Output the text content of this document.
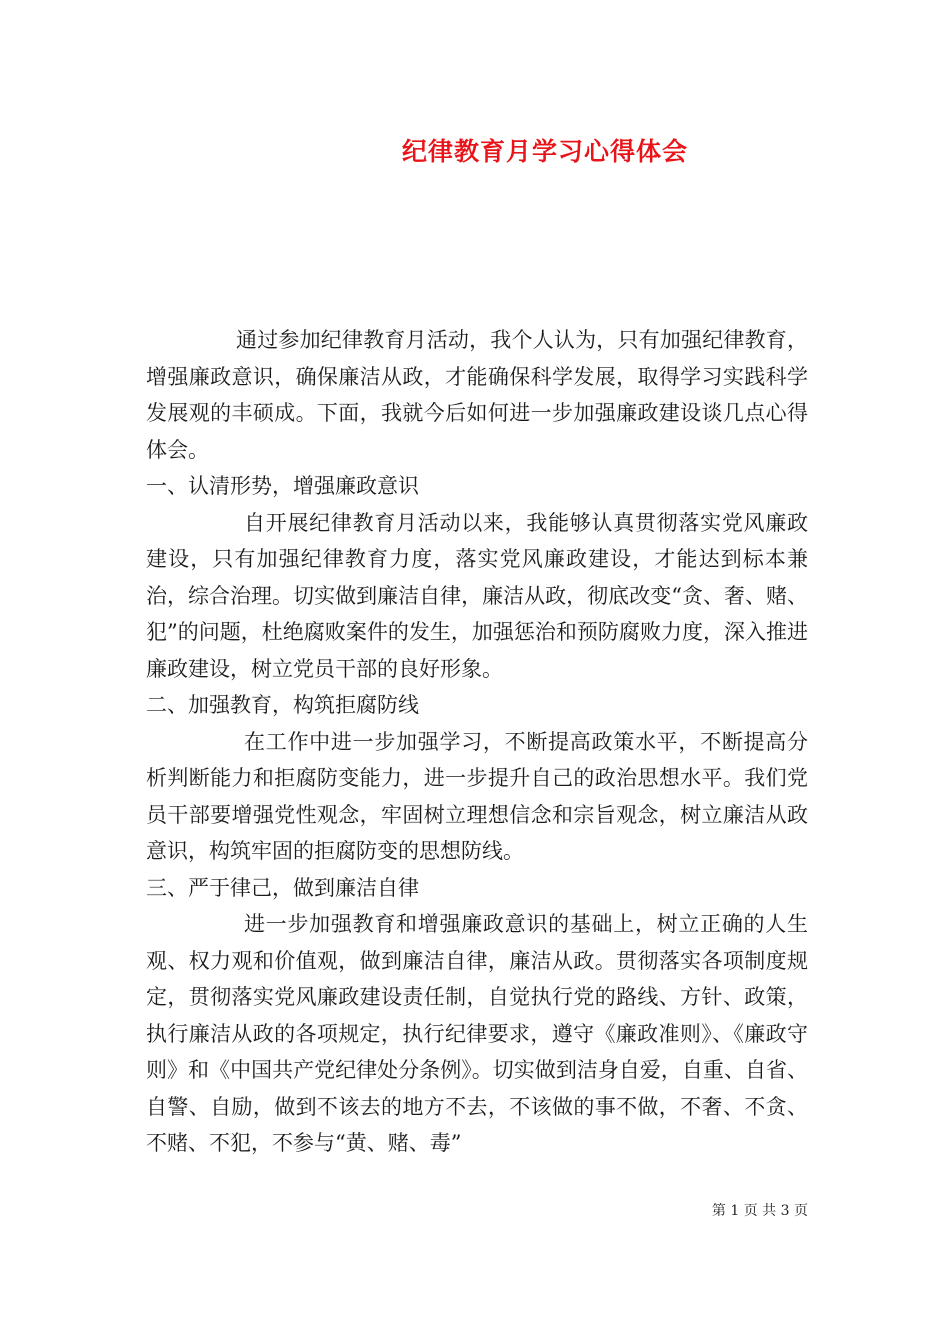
纪律教育月学习心得体会

通过参加纪律教育月活动，我个人认为，只有加强纪律教育，增强廉政意识，确保廉洁从政，才能确保科学发展，取得学习实践科学发展观的丰硕成。下面，我就今后如何进一步加强廉政建设谈几点心得体会。

一、认清形势，增强廉政意识

自开展纪律教育月活动以来，我能够认真贯彻落实党风廉政建设，只有加强纪律教育力度，落实党风廉政建设，才能达到标本兼治，综合治理。切实做到廉洁自律，廉洁从政，彻底改变“贪、奢、赌、犯”的问题，杜绝腐败案件的发生，加强惩治和预防腐败力度，深入推进廉政建设，树立党员干部的良好形象。

二、加强教育，构筑拒腐防线

在工作中进一步加强学习，不断提高政策水平，不断提高分析判断能力和拒腐防变能力，进一步提升自己的政治思想水平。我们党员干部要增强党性观念，牢固树立理想信念和宗旨观念，树立廉洁从政意识，构筑牢固的拒腐防变的思想防线。

三、严于律己，做到廉洁自律

进一步加强教育和增强廉政意识的基础上，树立正确的人生观、权力观和价值观，做到廉洁自律，廉洁从政。贯彻落实各项制度规定，贯彻落实党风廉政建设责任制，自觉执行党的路线、方针、政策，执行廉洁从政的各项规定，执行纪律要求，遵守《廉政准则》、《廉政守则》和《中国共产党纪律处分条例》。切实做到洁身自爱，自重、自省、自警、自励，做到不该去的地方不去，不该做的事不做，不奢、不贪、不赌、不犯，不参与“黄、赌、毒”

第 1 页 共 3 页
